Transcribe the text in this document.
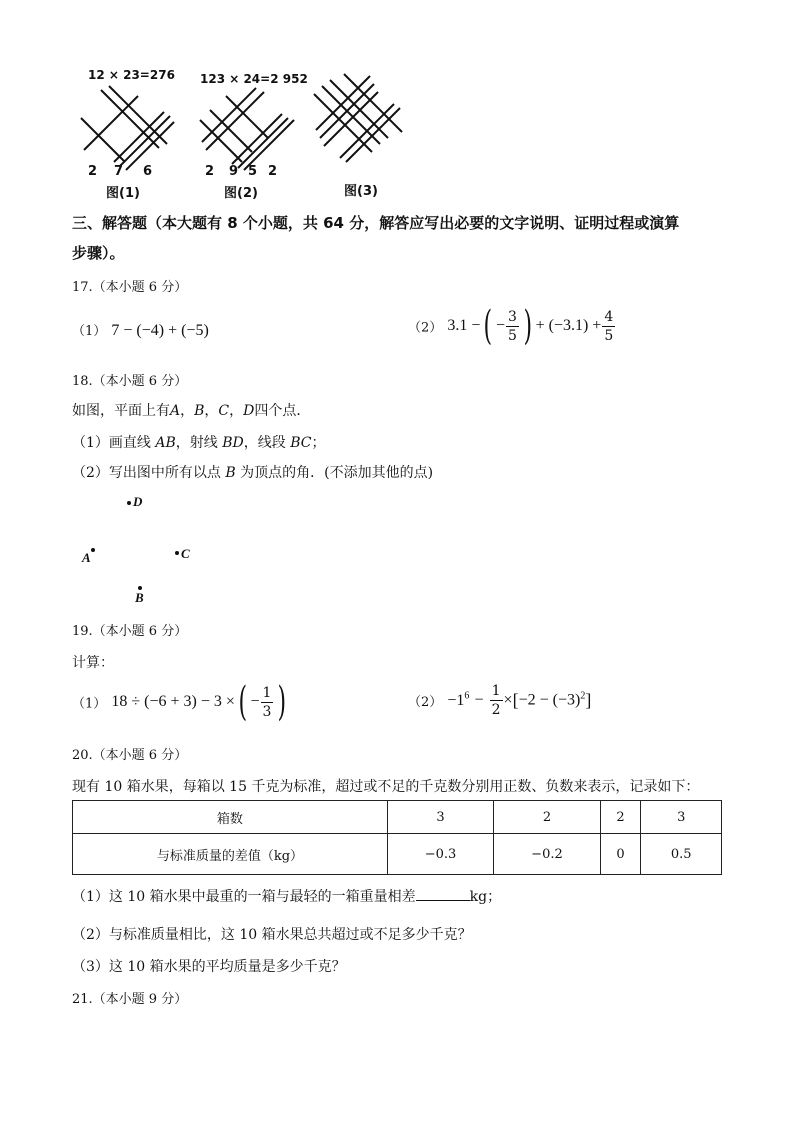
12 × 23=276
2 7 6
图(1)
123 × 24=2 952
2 9 5 2
图(2)	图(3)
三、解答题（本大题有 8 个小题，共 64 分，解答应写出必要的文字说明、证明过程或演算
步骤）。
17.（本小题 6 分）
（1） 7 − (−4) + (−5)	（2） 3.1 −( − $\frac{3}{5}$ ) + $(-3.1) + \frac{4}{5}$
18.（本小题 6 分）
如图，平面上有A，B，C，D四个点．
（1）画直线 AB，射线 BD，线段 BC；
（2）写出图中所有以点 B 为顶点的角．(不添加其他的点)
D
A	C
B
19.（本小题 6 分）
计算：
（1） 18 ÷ (−6 + 3) − 3 ×( − $\frac{1}{3}$ )	$(2) -1^6 - \frac{1}{2} \times[-2 - (-3)^2]$
20.（本小题 6 分）
现有 10 箱水果，每箱以 15 千克为标准，超过或不足的千克数分别用正数、负数来表示，记录如下：
箱数	3	2	2	3
与标准质量的差值（kg）	−0.3	−0.2	0	0.5
（1）这 10 箱水果中最重的一箱与最轻的一箱重量相差	kg；
（2）与标准质量相比，这 10 箱水果总共超过或不足多少千克？
（3）这 10 箱水果的平均质量是多少千克？
21.（本小题 9 分）
